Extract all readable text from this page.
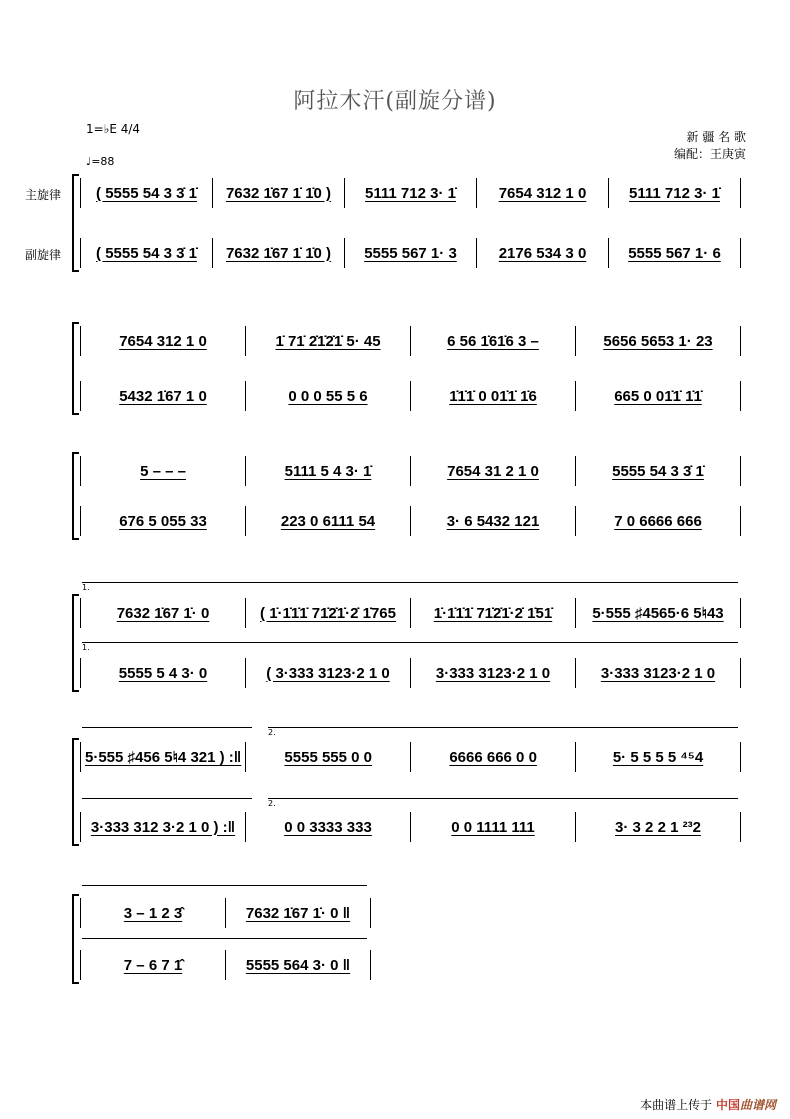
阿拉木汗(副旋分谱)
1=♭E 4/4
♩=88
新 疆 名 歌
编配：王庚寅
主旋律	( 5555 54 3 3̇ 1̇	7632 1̇67 1̇ 1̇0 )	5111 712 3· 1̇	7654 312 1 0	5111 712 3· 1̇
副旋律	( 5555 54 3 3̇ 1̇	7632 1̇67 1̇ 1̇0 )	5555 567 1· 3	2176 534 3 0	5555 567 1· 6
7654 312 1 0	1̇ 71̇ 2̇1̇2̇1̇ 5· 45	6 56 1̇61̇6 3 –	5656 5653 1· 23
5432 1̇67 1 0	0 0 0 55 5 6	1̇1̇1̇ 0 01̇1̇ 1̇6	665 0 01̇1̇ 1̇1̇
5 – – –	5111 5 4 3· 1̇	7654 31 2 1 0	5555 54 3 3̇ 1̇
676 5 055 33	223 0 6111 54	3· 6 5432 121	7 0 6666 666
7632 1̇67 1̇· 0	( 1̇·1̇1̇1̇ 71̇2̇1̇·2̇ 1̇765	1̇·1̇1̇1̇ 71̇2̇1̇·2̇ 1̇51̇	5·555 ♯4565·6 5♮43
5555 5 4 3· 0	( 3·333 3123·2 1 0	3·333 3123·2 1 0	3·333 3123·2 1 0
5·555 ♯456 5♮4 321 ) :‖	5555 555 0 0	6666 666 0 0	5· 5 5 5 5 ⁴⁵4
3·333 312 3·2 1 0 ) :‖	0 0 3333 333	0 0 1111 111	3· 3 2 2 1 ²³2
3 – 1 2 3̂	7632 1̇67 1̇· 0 ‖
7 – 6 7 1̂	5555 564 3· 0 ‖
1.
1.
2.
2.
本曲谱上传于 中国曲谱网
